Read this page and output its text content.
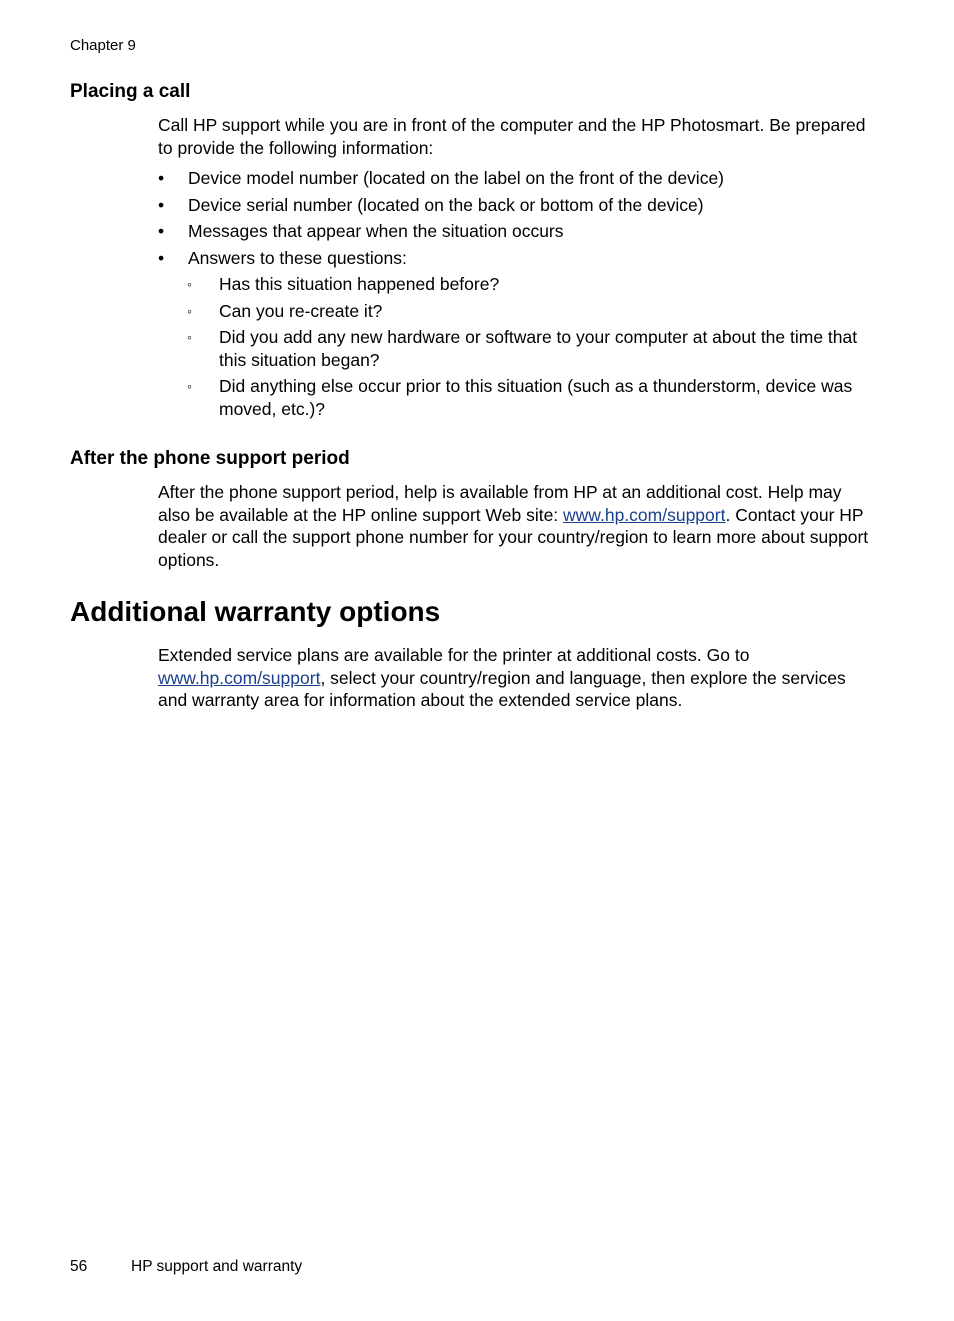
Chapter 9
Placing a call
Call HP support while you are in front of the computer and the HP Photosmart. Be prepared to provide the following information:
• Device model number (located on the label on the front of the device)
• Device serial number (located on the back or bottom of the device)
• Messages that appear when the situation occurs
• Answers to these questions:
◦ Has this situation happened before?
◦ Can you re-create it?
◦ Did you add any new hardware or software to your computer at about the time that this situation began?
◦ Did anything else occur prior to this situation (such as a thunderstorm, device was moved, etc.)?
After the phone support period
After the phone support period, help is available from HP at an additional cost. Help may also be available at the HP online support Web site: www.hp.com/support. Contact your HP dealer or call the support phone number for your country/region to learn more about support options.
Additional warranty options
Extended service plans are available for the printer at additional costs. Go to www.hp.com/support, select your country/region and language, then explore the services and warranty area for information about the extended service plans.
56	HP support and warranty
